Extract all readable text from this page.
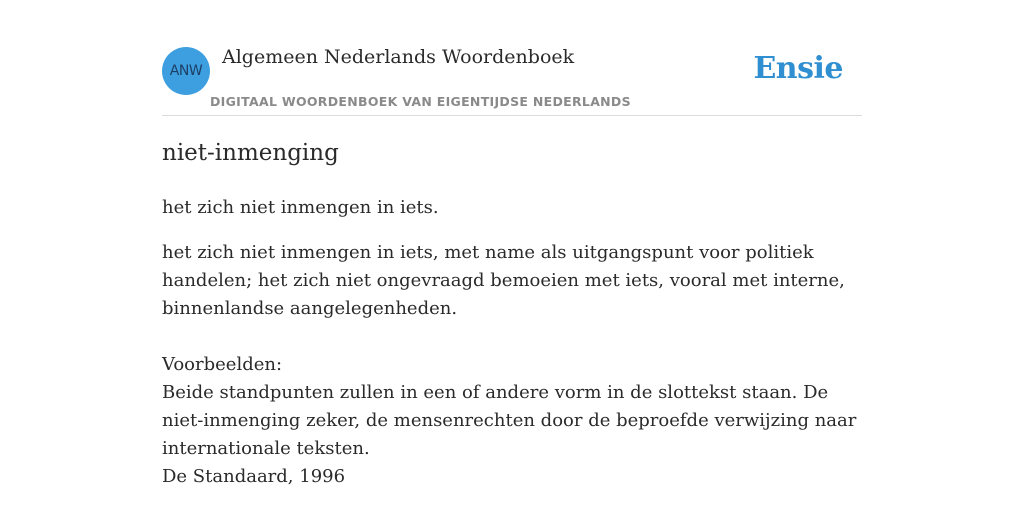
ANW
Algemeen Nederlands Woordenboek
DIGITAAL WOORDENBOEK VAN EIGENTIJDSE NEDERLANDS
Ensie
niet-inmenging
het zich niet inmengen in iets.
het zich niet inmengen in iets, met name als uitgangspunt voor politiek handelen; het zich niet ongevraagd bemoeien met iets, vooral met interne, binnenlandse aangelegenheden.
Voorbeelden:
Beide standpunten zullen in een of andere vorm in de slottekst staan. De niet-inmenging zeker, de mensenrechten door de beproefde verwijzing naar internationale teksten.
De Standaard, 1996
